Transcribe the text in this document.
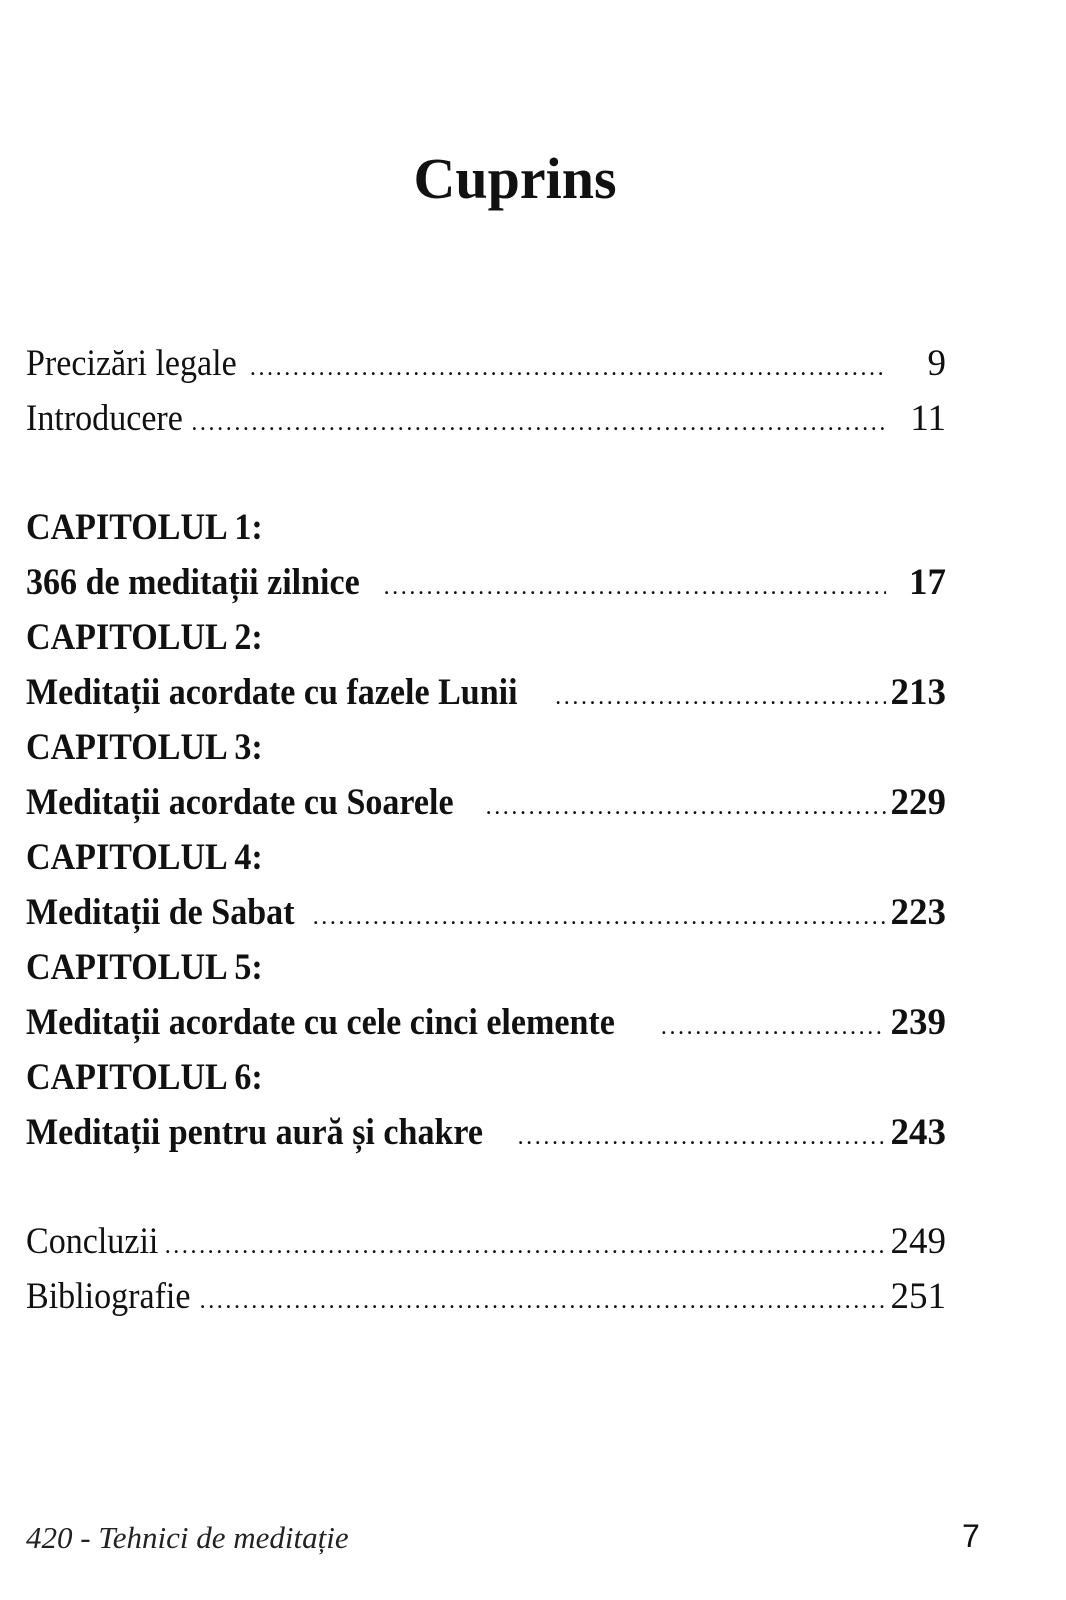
Cuprins
Precizări legale .....	9
Introducere .....	11
CAPITOLUL 1:
366 de meditații zilnice .....	17
CAPITOLUL 2:
Meditații acordate cu fazele Lunii .....	213
CAPITOLUL 3:
Meditații acordate cu Soarele .....	229
CAPITOLUL 4:
Meditații de Sabat .....	223
CAPITOLUL 5:
Meditații acordate cu cele cinci elemente .....	239
CAPITOLUL 6:
Meditații pentru aură și chakre .....	243
Concluzii .....	249
Bibliografie .....	251
420 - Tehnici de meditație	7
